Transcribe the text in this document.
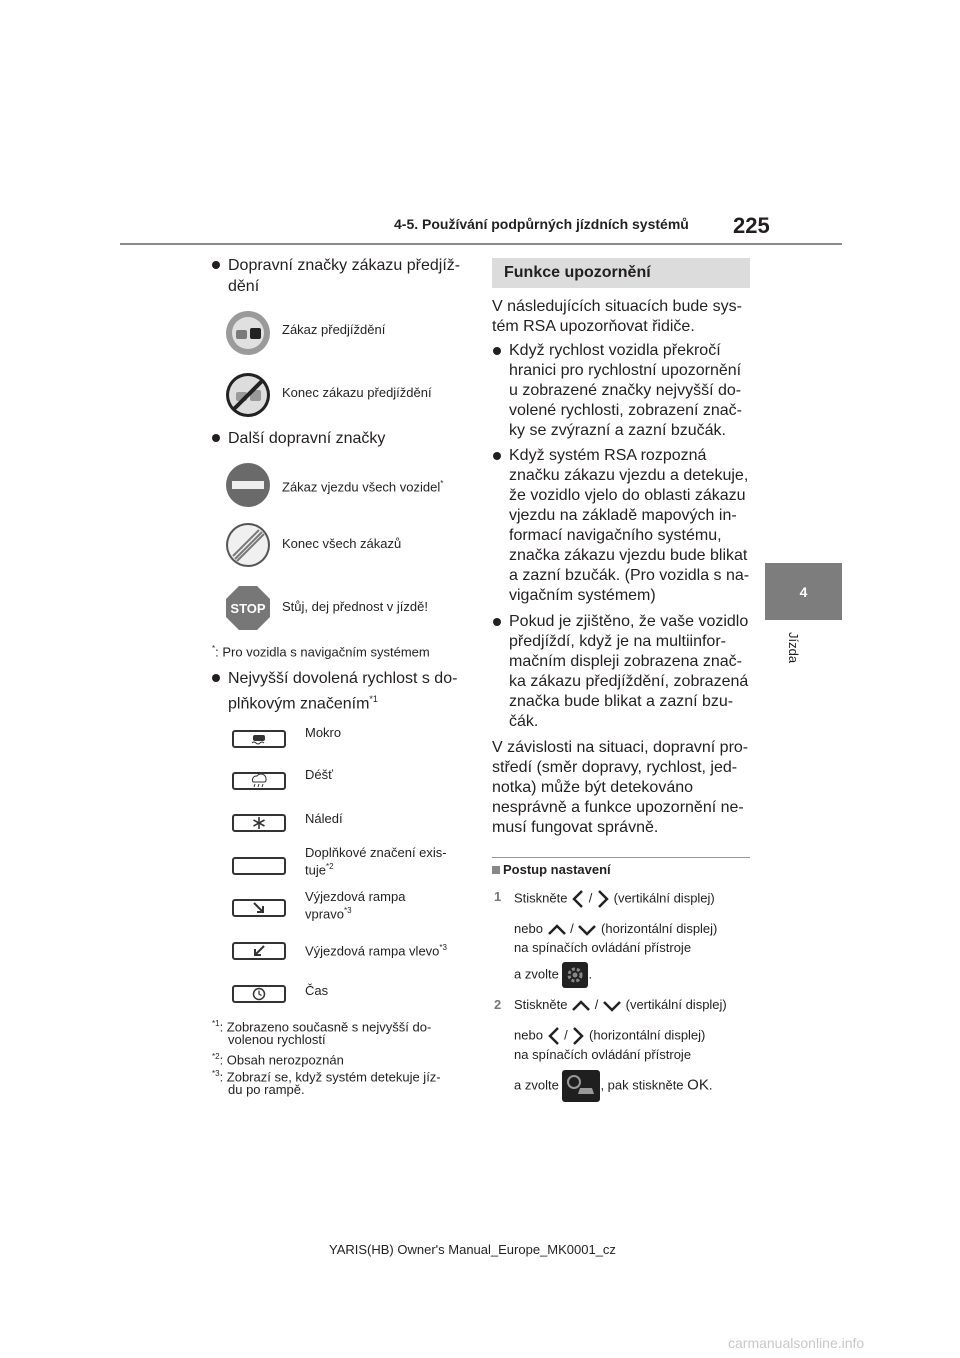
4-5. Používání podpůrných jízdních systémů 225
4
Jízda
Dopravní značky zákazu předjíž-
dění
Zákaz předjíždění
Konec zákazu předjíždění
Další dopravní značky
Zákaz vjezdu všech vozidel*
Konec všech zákazů
STOP Stůj, dej přednost v jízdě!
*: Pro vozidla s navigačním systémem
Nejvyšší dovolená rychlost s do-
plňkovým značením$^{*1}$
Mokro
Déšť
Náledí
Doplňkové značení exis-
tuje$^{*2}$
Výjezdová rampa
vpravo$^{*3}$
Výjezdová rampa vlevo$^{*3}$
Čas
$^{*1}$: Zobrazeno současně s nejvyšší do-
volenou rychlostí
$^{*2}$: Obsah nerozpoznán
$^{*3}$: Zobrazí se, když systém detekuje jíz-
du po rampě.
Funkce upozornění
V následujících situacích bude sys-
tém RSA upozorňovat řidiče.
Když rychlost vozidla překročí
hranici pro rychlostní upozornění
u zobrazené značky nejvyšší do-
volené rychlosti, zobrazení znač-
ky se zvýrazní a zazní bzučák.
Když systém RSA rozpozná
značku zákazu vjezdu a detekuje,
že vozidlo vjelo do oblasti zákazu
vjezdu na základě mapových in-
formací navigačního systému,
značka zákazu vjezdu bude blikat
a zazní bzučák. (Pro vozidla s na-
vigačním systémem)
Pokud je zjištěno, že vaše vozidlo
předjíždí, když je na multiinfor-
mačním displeji zobrazena znač-
ka zákazu předjíždění, zobrazená
značka bude blikat a zazní bzu-
čák.
V závislosti na situaci, dopravní pro-
středí (směr dopravy, rychlost, jed-
notka) může být detekováno
nesprávně a funkce upozornění ne-
musí fungovat správně.
Postup nastavení
1 Stiskněte / (vertikální displej)
nebo / (horizontální displej)
na spínačích ovládání přístroje
a zvolte .
2 Stiskněte / (vertikální displej)
nebo / (horizontální displej)
na spínačích ovládání přístroje
a zvolte	, pak stiskněte OK.
YARIS(HB) Owner's Manual_Europe_MK0001_cz
carmanualsonline.info
